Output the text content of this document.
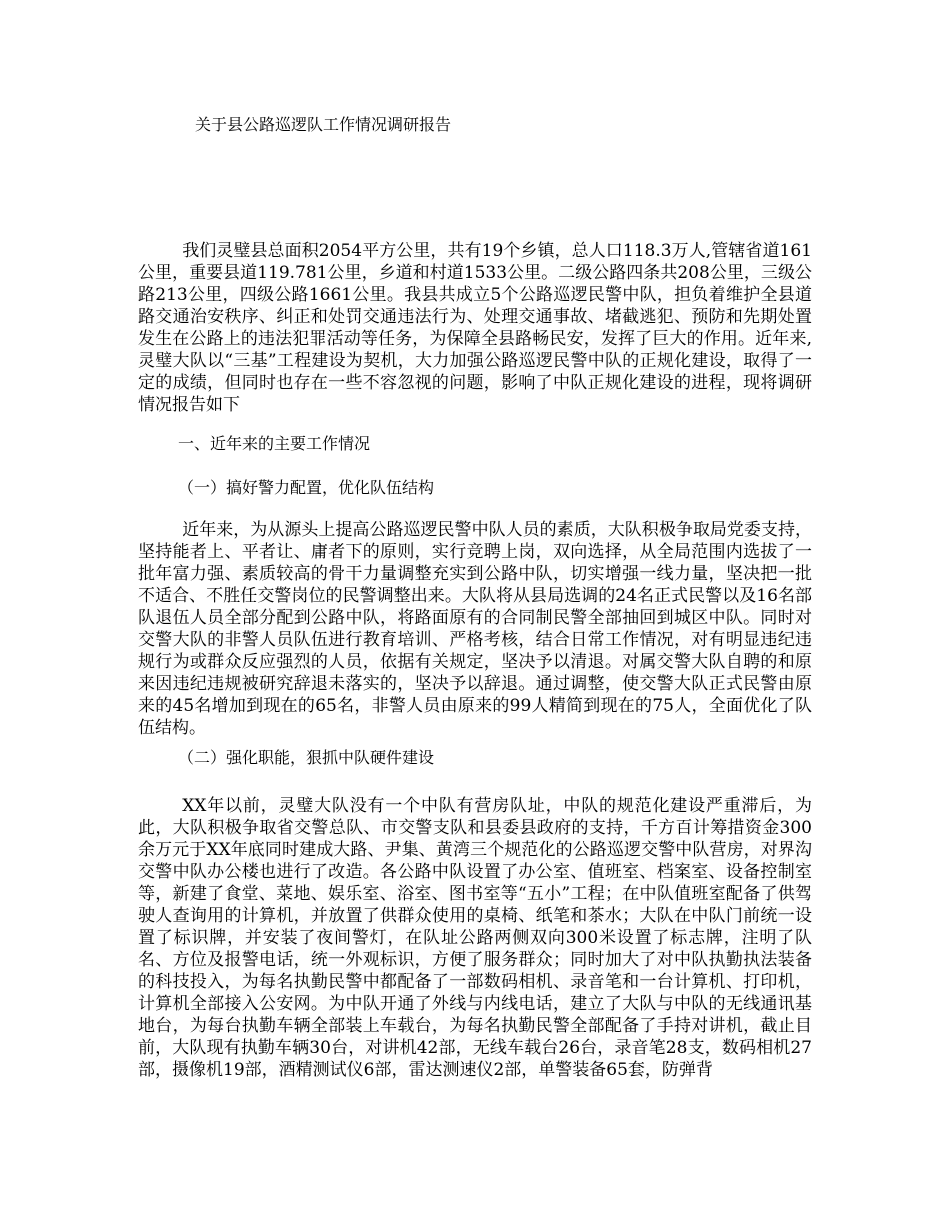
关于县公路巡逻队工作情况调研报告

我们灵璧县总面积2054平方公里，共有19个乡镇，总人口118.3万人,管辖省道161公里，重要县道119.781公里，乡道和村道1533公里。二级公路四条共208公里，三级公路213公里，四级公路1661公里。我县共成立5个公路巡逻民警中队，担负着维护全县道路交通治安秩序、纠正和处罚交通违法行为、处理交通事故、堵截逃犯、预防和先期处置发生在公路上的违法犯罪活动等任务，为保障全县路畅民安，发挥了巨大的作用。近年来,灵璧大队以“三基”工程建设为契机，大力加强公路巡逻民警中队的正规化建设，取得了一定的成绩，但同时也存在一些不容忽视的问题，影响了中队正规化建设的进程，现将调研情况报告如下

一、近年来的主要工作情况

（一）搞好警力配置，优化队伍结构

近年来，为从源头上提高公路巡逻民警中队人员的素质，大队积极争取局党委支持，坚持能者上、平者让、庸者下的原则，实行竞聘上岗，双向选择，从全局范围内选拔了一批年富力强、素质较高的骨干力量调整充实到公路中队，切实增强一线力量，坚决把一批不适合、不胜任交警岗位的民警调整出来。大队将从县局选调的24名正式民警以及16名部队退伍人员全部分配到公路中队，将路面原有的合同制民警全部抽回到城区中队。同时对交警大队的非警人员队伍进行教育培训、严格考核，结合日常工作情况，对有明显违纪违规行为或群众反应强烈的人员，依据有关规定，坚决予以清退。对属交警大队自聘的和原来因违纪违规被研究辞退未落实的，坚决予以辞退。通过调整，使交警大队正式民警由原来的45名增加到现在的65名，非警人员由原来的99人精简到现在的75人，全面优化了队伍结构。

（二）强化职能，狠抓中队硬件建设

XX年以前，灵璧大队没有一个中队有营房队址，中队的规范化建设严重滞后，为此，大队积极争取省交警总队、市交警支队和县委县政府的支持，千方百计筹措资金300余万元于XX年底同时建成大路、尹集、黄湾三个规范化的公路巡逻交警中队营房，对界沟交警中队办公楼也进行了改造。各公路中队设置了办公室、值班室、档案室、设备控制室等，新建了食堂、菜地、娱乐室、浴室、图书室等“五小”工程；在中队值班室配备了供驾驶人查询用的计算机，并放置了供群众使用的桌椅、纸笔和茶水；大队在中队门前统一设置了标识牌，并安装了夜间警灯，在队址公路两侧双向300米设置了标志牌，注明了队名、方位及报警电话，统一外观标识，方便了服务群众；同时加大了对中队执勤执法装备的科技投入，为每名执勤民警中都配备了一部数码相机、录音笔和一台计算机、打印机，计算机全部接入公安网。为中队开通了外线与内线电话，建立了大队与中队的无线通讯基地台，为每台执勤车辆全部装上车载台，为每名执勤民警全部配备了手持对讲机，截止目前，大队现有执勤车辆30台，对讲机42部，无线车载台26台，录音笔28支，数码相机27部，摄像机19部，酒精测试仪6部，雷达测速仪2部，单警装备65套，防弹背
